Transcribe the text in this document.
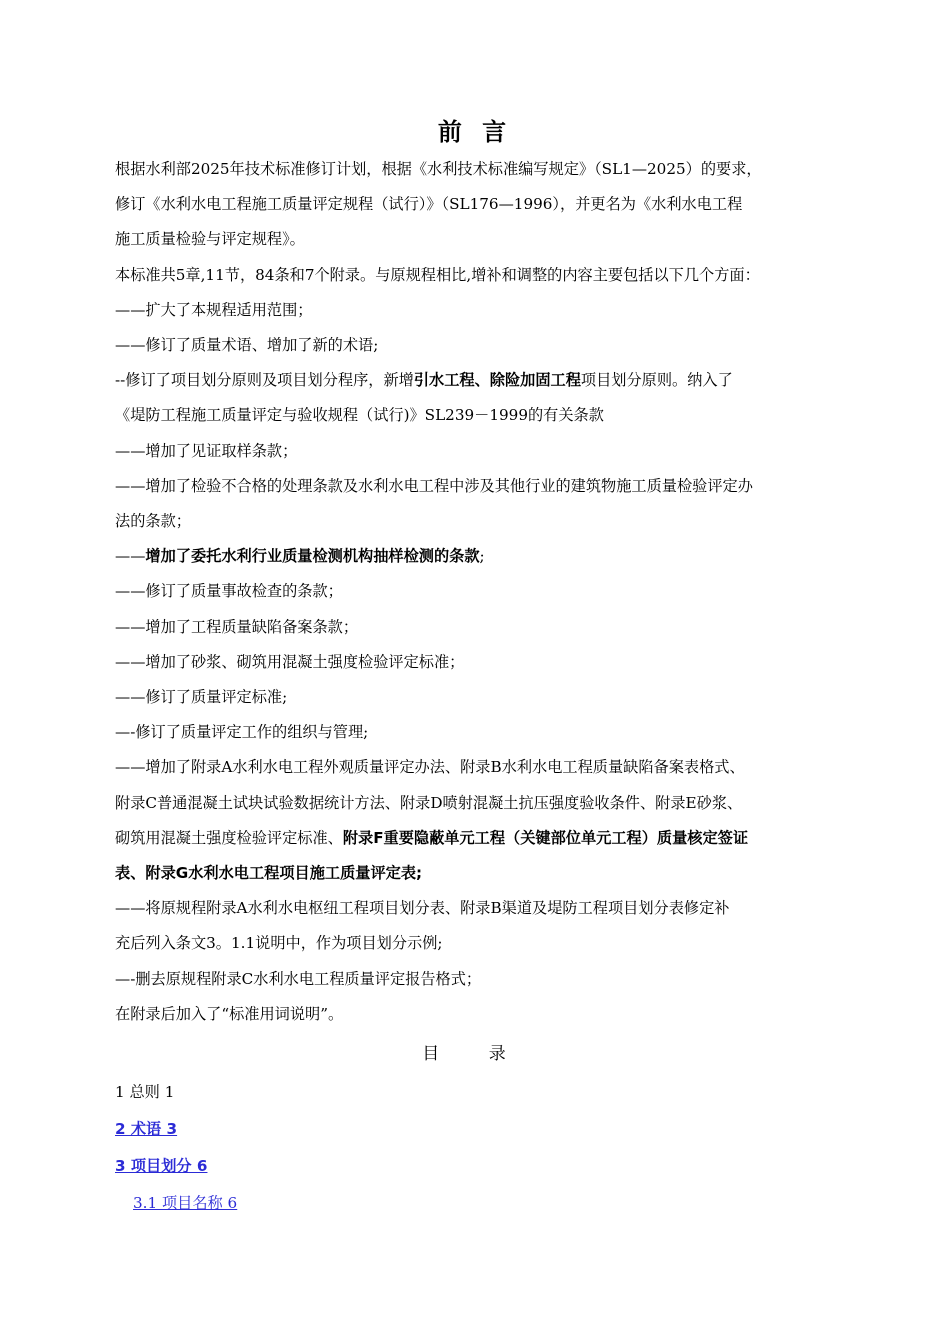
前 言
根据水利部2025年技术标准修订计划，根据《水利技术标准编写规定》（SL1—2025）的要求，
修订《水利水电工程施工质量评定规程（试行）》（SL176—1996），并更名为《水利水电工程
施工质量检验与评定规程》。
本标准共5章,11节，84条和7个附录。与原规程相比,增补和调整的内容主要包括以下几个方面：
——扩大了本规程适用范围；
——修订了质量术语、增加了新的术语;
--修订了项目划分原则及项目划分程序，新增引水工程、除险加固工程项目划分原则。纳入了
《堤防工程施工质量评定与验收规程（试行)》SL239－1999的有关条款
——增加了见证取样条款；
——增加了检验不合格的处理条款及水利水电工程中涉及其他行业的建筑物施工质量检验评定办
法的条款；
——增加了委托水利行业质量检测机构抽样检测的条款;
——修订了质量事故检查的条款；
——增加了工程质量缺陷备案条款；
——增加了砂浆、砌筑用混凝土强度检验评定标准；
——修订了质量评定标准;
—-修订了质量评定工作的组织与管理;
——增加了附录A水利水电工程外观质量评定办法、附录B水利水电工程质量缺陷备案表格式、
附录C普通混凝土试块试验数据统计方法、附录D喷射混凝土抗压强度验收条件、附录E砂浆、
砌筑用混凝土强度检验评定标准、附录F重要隐蔽单元工程（关键部位单元工程）质量核定签证
表、附录G水利水电工程项目施工质量评定表;
——将原规程附录A水利水电枢纽工程项目划分表、附录B渠道及堤防工程项目划分表修定补
充后列入条文3。1.1说明中，作为项目划分示例;
—-删去原规程附录C水利水电工程质量评定报告格式；
在附录后加入了“标准用词说明”。
目 录
1 总则 1
2 术语 3
3 项目划分 6
3.1 项目名称 6
